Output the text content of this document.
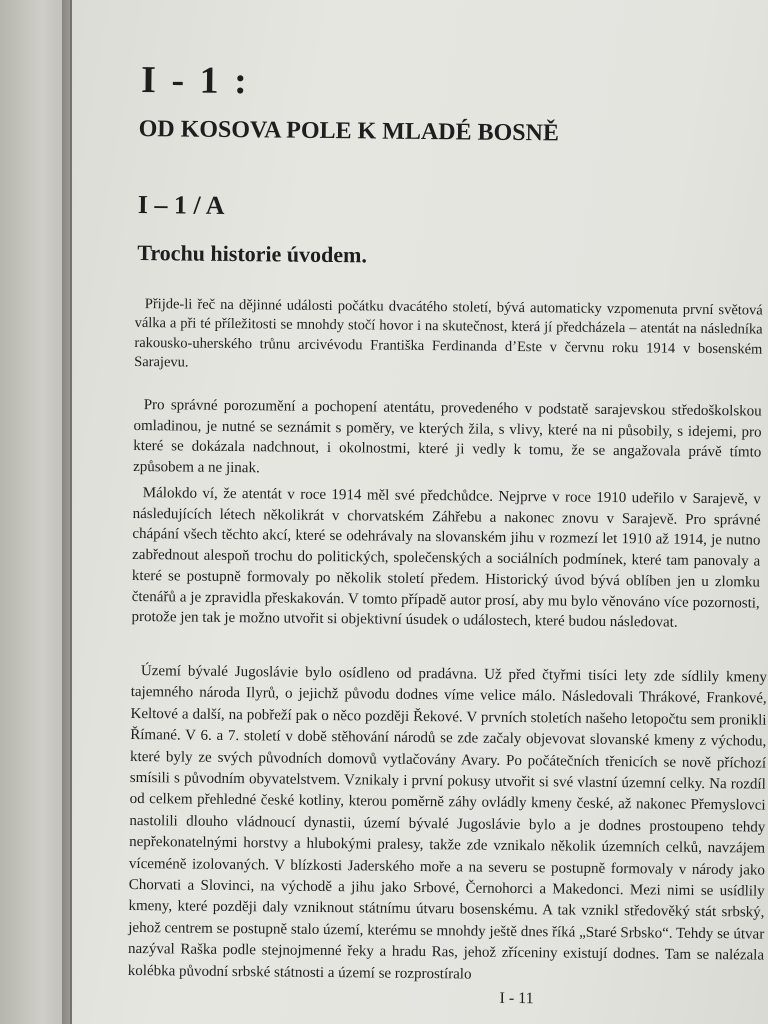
I - 1 :
OD KOSOVA POLE K MLADÉ BOSNĚ
I – 1 / A
Trochu historie úvodem.

Přijde-li řeč na dějinné události počátku dvacátého století, bývá automaticky vzpomenuta první světová válka a při té příležitosti se mnohdy stočí hovor i na skutečnost, která jí předcházela – atentát na následníka rakousko-uherského trůnu arcivévodu Františka Ferdinanda d’Este v červnu roku 1914 v bosenském Sarajevu.

Pro správné porozumění a pochopení atentátu, provedeného v podstatě sarajevskou středoškolskou omladinou, je nutné se seznámit s poměry, ve kterých žila, s vlivy, které na ni působily, s idejemi, pro které se dokázala nadchnout, i okolnostmi, které ji vedly k tomu, že se angažovala právě tímto způsobem a ne jinak.

Málokdo ví, že atentát v roce 1914 měl své předchůdce. Nejprve v roce 1910 udeřilo v Sarajevě, v následujících létech několikrát v chorvatském Záhřebu a nakonec znovu v Sarajevě. Pro správné chápání všech těchto akcí, které se odehrávaly na slovanském jihu v rozmezí let 1910 až 1914, je nutno zabřednout alespoň trochu do politických, společenských a sociálních podmínek, které tam panovaly a které se postupně formovaly po několik století předem. Historický úvod bývá oblíben jen u zlomku čtenářů a je zpravidla přeskakován. V tomto případě autor prosí, aby mu bylo věnováno více pozornosti, protože jen tak je možno utvořit si objektivní úsudek o událostech, které budou následovat.

Území bývalé Jugoslávie bylo osídleno od pradávna. Už před čtyřmi tisíci lety zde sídlily kmeny tajemného národa Ilyrů, o jejichž původu dodnes víme velice málo. Následovali Thrákové, Frankové, Keltové a další, na pobřeží pak o něco později Řekové. V prvních stoletích našeho letopočtu sem pronikli Římané. V 6. a 7. století v době stěhování národů se zde začaly objevovat slovanské kmeny z východu, které byly ze svých původních domovů vytlačovány Avary. Po počátečních třenicích se nově příchozí smísili s původním obyvatelstvem. Vznikaly i první pokusy utvořit si své vlastní územní celky. Na rozdíl od celkem přehledné české kotliny, kterou poměrně záhy ovládly kmeny české, až nakonec Přemyslovci nastolili dlouho vládnoucí dynastii, území bývalé Jugoslávie bylo a je dodnes prostoupeno tehdy nepřekonatelnými horstvy a hlubokými pralesy, takže zde vznikalo několik územních celků, navzájem víceméně izolovaných. V blízkosti Jaderského moře a na severu se postupně formovaly v národy jako Chorvati a Slovinci, na východě a jihu jako Srbové, Černohorci a Makedonci. Mezi nimi se usídlily kmeny, které později daly vzniknout státnímu útvaru bosenskému. A tak vznikl středověký stát srbský, jehož centrem se postupně stalo území, kterému se mnohdy ještě dnes říká „Staré Srbsko“. Tehdy se útvar nazýval Raška podle stejnojmenné řeky a hradu Ras, jehož zříceniny existují dodnes. Tam se nalézala kolébka původní srbské státnosti a území se rozprostíralo

I - 11
